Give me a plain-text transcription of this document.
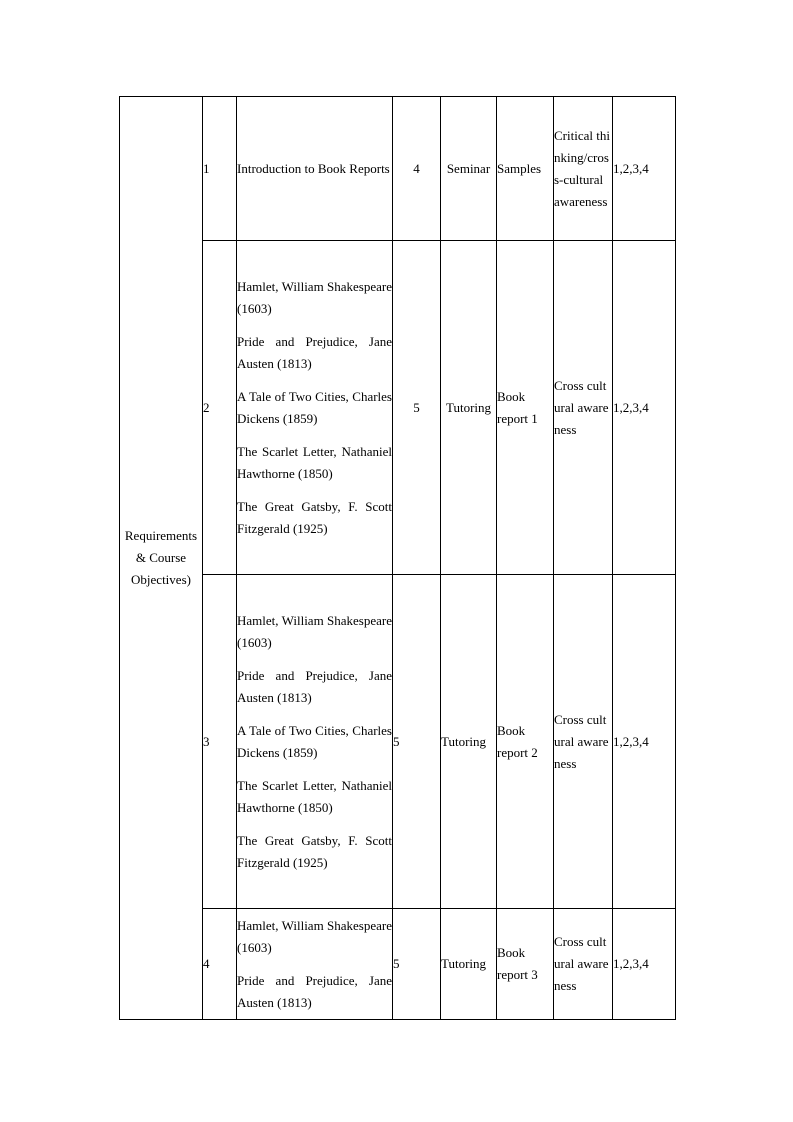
Requirements & Course Objectives)	1	Introduction to Book Reports	4	Seminar	Samples	Critical thinking/cross-cultural awareness	1,2,3,4
	2	Hamlet, William Shakespeare (1603)

Pride and Prejudice, Jane Austen (1813)

A Tale of Two Cities, Charles Dickens (1859)

The Scarlet Letter, Nathaniel Hawthorne (1850)

The Great Gatsby, F. Scott Fitzgerald (1925)	5	Tutoring	Book report 1	Cross cultural awareness	1,2,3,4
	3	Hamlet, William Shakespeare (1603)

Pride and Prejudice, Jane Austen (1813)

A Tale of Two Cities, Charles Dickens (1859)

The Scarlet Letter, Nathaniel Hawthorne (1850)

The Great Gatsby, F. Scott Fitzgerald (1925)	5	Tutoring	Book report 2	Cross cultural awareness	1,2,3,4
	4	Hamlet, William Shakespeare (1603)

Pride and Prejudice, Jane Austen (1813)	5	Tutoring	Book report 3	Cross cultural awareness	1,2,3,4
